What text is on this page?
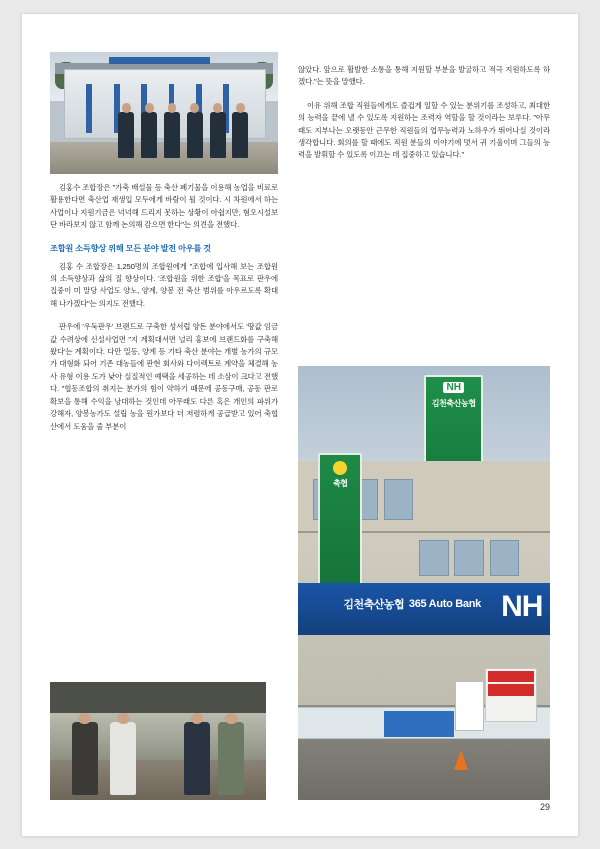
김홍수 조합장은 "가축 배설물 등 축산 폐기물을 이용해 농업을 비료로 활용한다면 축산업 재생입 모두에게 바람이 될 것이다. 시 차원에서 하는 사업이나 지원기금은 넉넉해 드리지 못하는 상황이 아쉽지만, 혐오시설보단 바라보지 않고 함께 논의해 감으면 한다"는 의견을 전했다.

조합원 소득향상 위해 모든 분야 발전 아우를 것

김홍 수 조합장은 1,250명의 조합원에게 "조합에 입사해 보는 조합원의 소득향상과 삶의 질 향상이다. '조합원을 위한 조합'을 목표로 판우에 집중이 미 말당 사업도 양노, 양계, 양봉 전 축산 범위를 아우르도록 확대해 나가겠다"는 의지도 전했다.

판우에 '우둑판우' 브랜드로 구축한 성서럽 양돈 분야에서도 '땅값 임금값 수려상에 신설사업면 "지 계획대서면 널리 홍보에 브랜드화를 구축해 왔다'는 계획이다. 다만 밀등, 양계 등 기타 축산 분야는 개별 농가의 규모가 대형화 되어 기존 대농들에 판현 회사와 다이렉트로 계약을 체결해 농사 유형 이용 도가 낮아 실질적인 예택을 세공하는 데 소삼이 크다고 전했다. "협동조합의 취지는 분가의 힘이 약하기 때문에 공동구매, 공동 판로 확보을 통해 수익을 낭대하는 것인데 아무래도 다른 혹은 개인의 파위가 강해자, 양봉농가도 설립 농을 원가보다 더 저렴하게 공급받고 있어 축협 산에서 도움을 줄 부분이

않았다. 앞으로 활발한 소통을 통해 지원할 부분을 발굴하고 적극 지원하도록 하겠다."는 뜻을 말했다.

이유 위해 조합 직원들에게도 즐겁게 일할 수 있는 분위기를 조성하고, 최대한의 능력을 끝에 낼 수 있도록 지원하는 조력자 역할을 할 것이라는 보루다. "아무래도 지부나는 오랫동안 근무한 직원들의 업무능력과 노하우가 뛰어나실 것이라 생각합니다. 회의를 할 때에도 직원 분들의 이야기에 멋서 귀 기울이며 그들의 능력을 발휘할 수 있도록 이끄는 데 집중하고 있습니다."

NH
김천축산농협
축협
김천축산농협 365 Auto Bank NH
29
